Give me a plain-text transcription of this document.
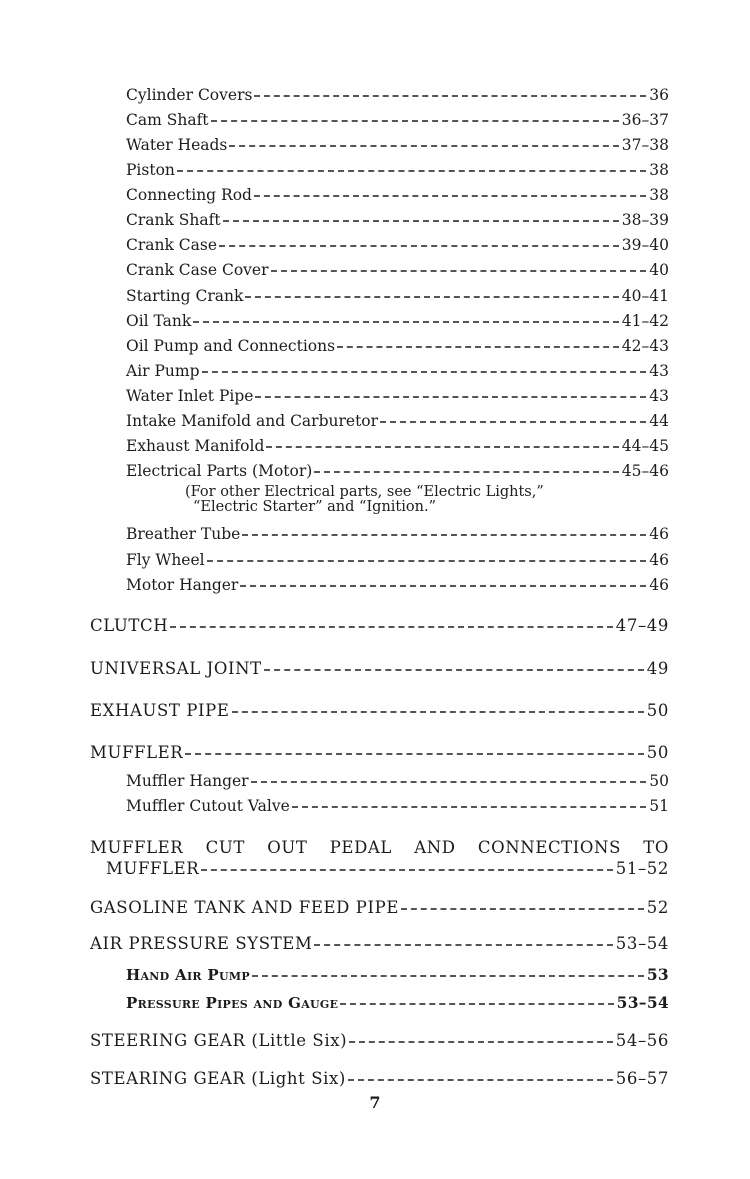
Cylinder Covers	36
Cam Shaft	36–37
Water Heads	37–38
Piston	38
Connecting Rod	38
Crank Shaft	38–39
Crank Case	39–40
Crank Case Cover	40
Starting Crank	40–41
Oil Tank	41–42
Oil Pump and Connections	42–43
Air Pump	43
Water Inlet Pipe	43
Intake Manifold and Carburetor	44
Exhaust Manifold	44–45
Electrical Parts (Motor)	45–46
(For other Electrical parts, see “Electric Lights,”
“Electric Starter” and “Ignition.”
Breather Tube	46
Fly Wheel	46
Motor Hanger	46
CLUTCH	47–49
UNIVERSAL JOINT	49
EXHAUST PIPE	50
MUFFLER	50
Muffler Hanger	50
Muffler Cutout Valve	51
MUFFLER CUT OUT PEDAL AND CONNECTIONS TO
MUFFLER	51–52
GASOLINE TANK AND FEED PIPE	52
AIR PRESSURE SYSTEM	53–54
Hand Air Pump	53
Pressure Pipes and Gauge	53–54
STEERING GEAR (Little Six)	54–56
STEARING GEAR (Light Six)	56–57
7
